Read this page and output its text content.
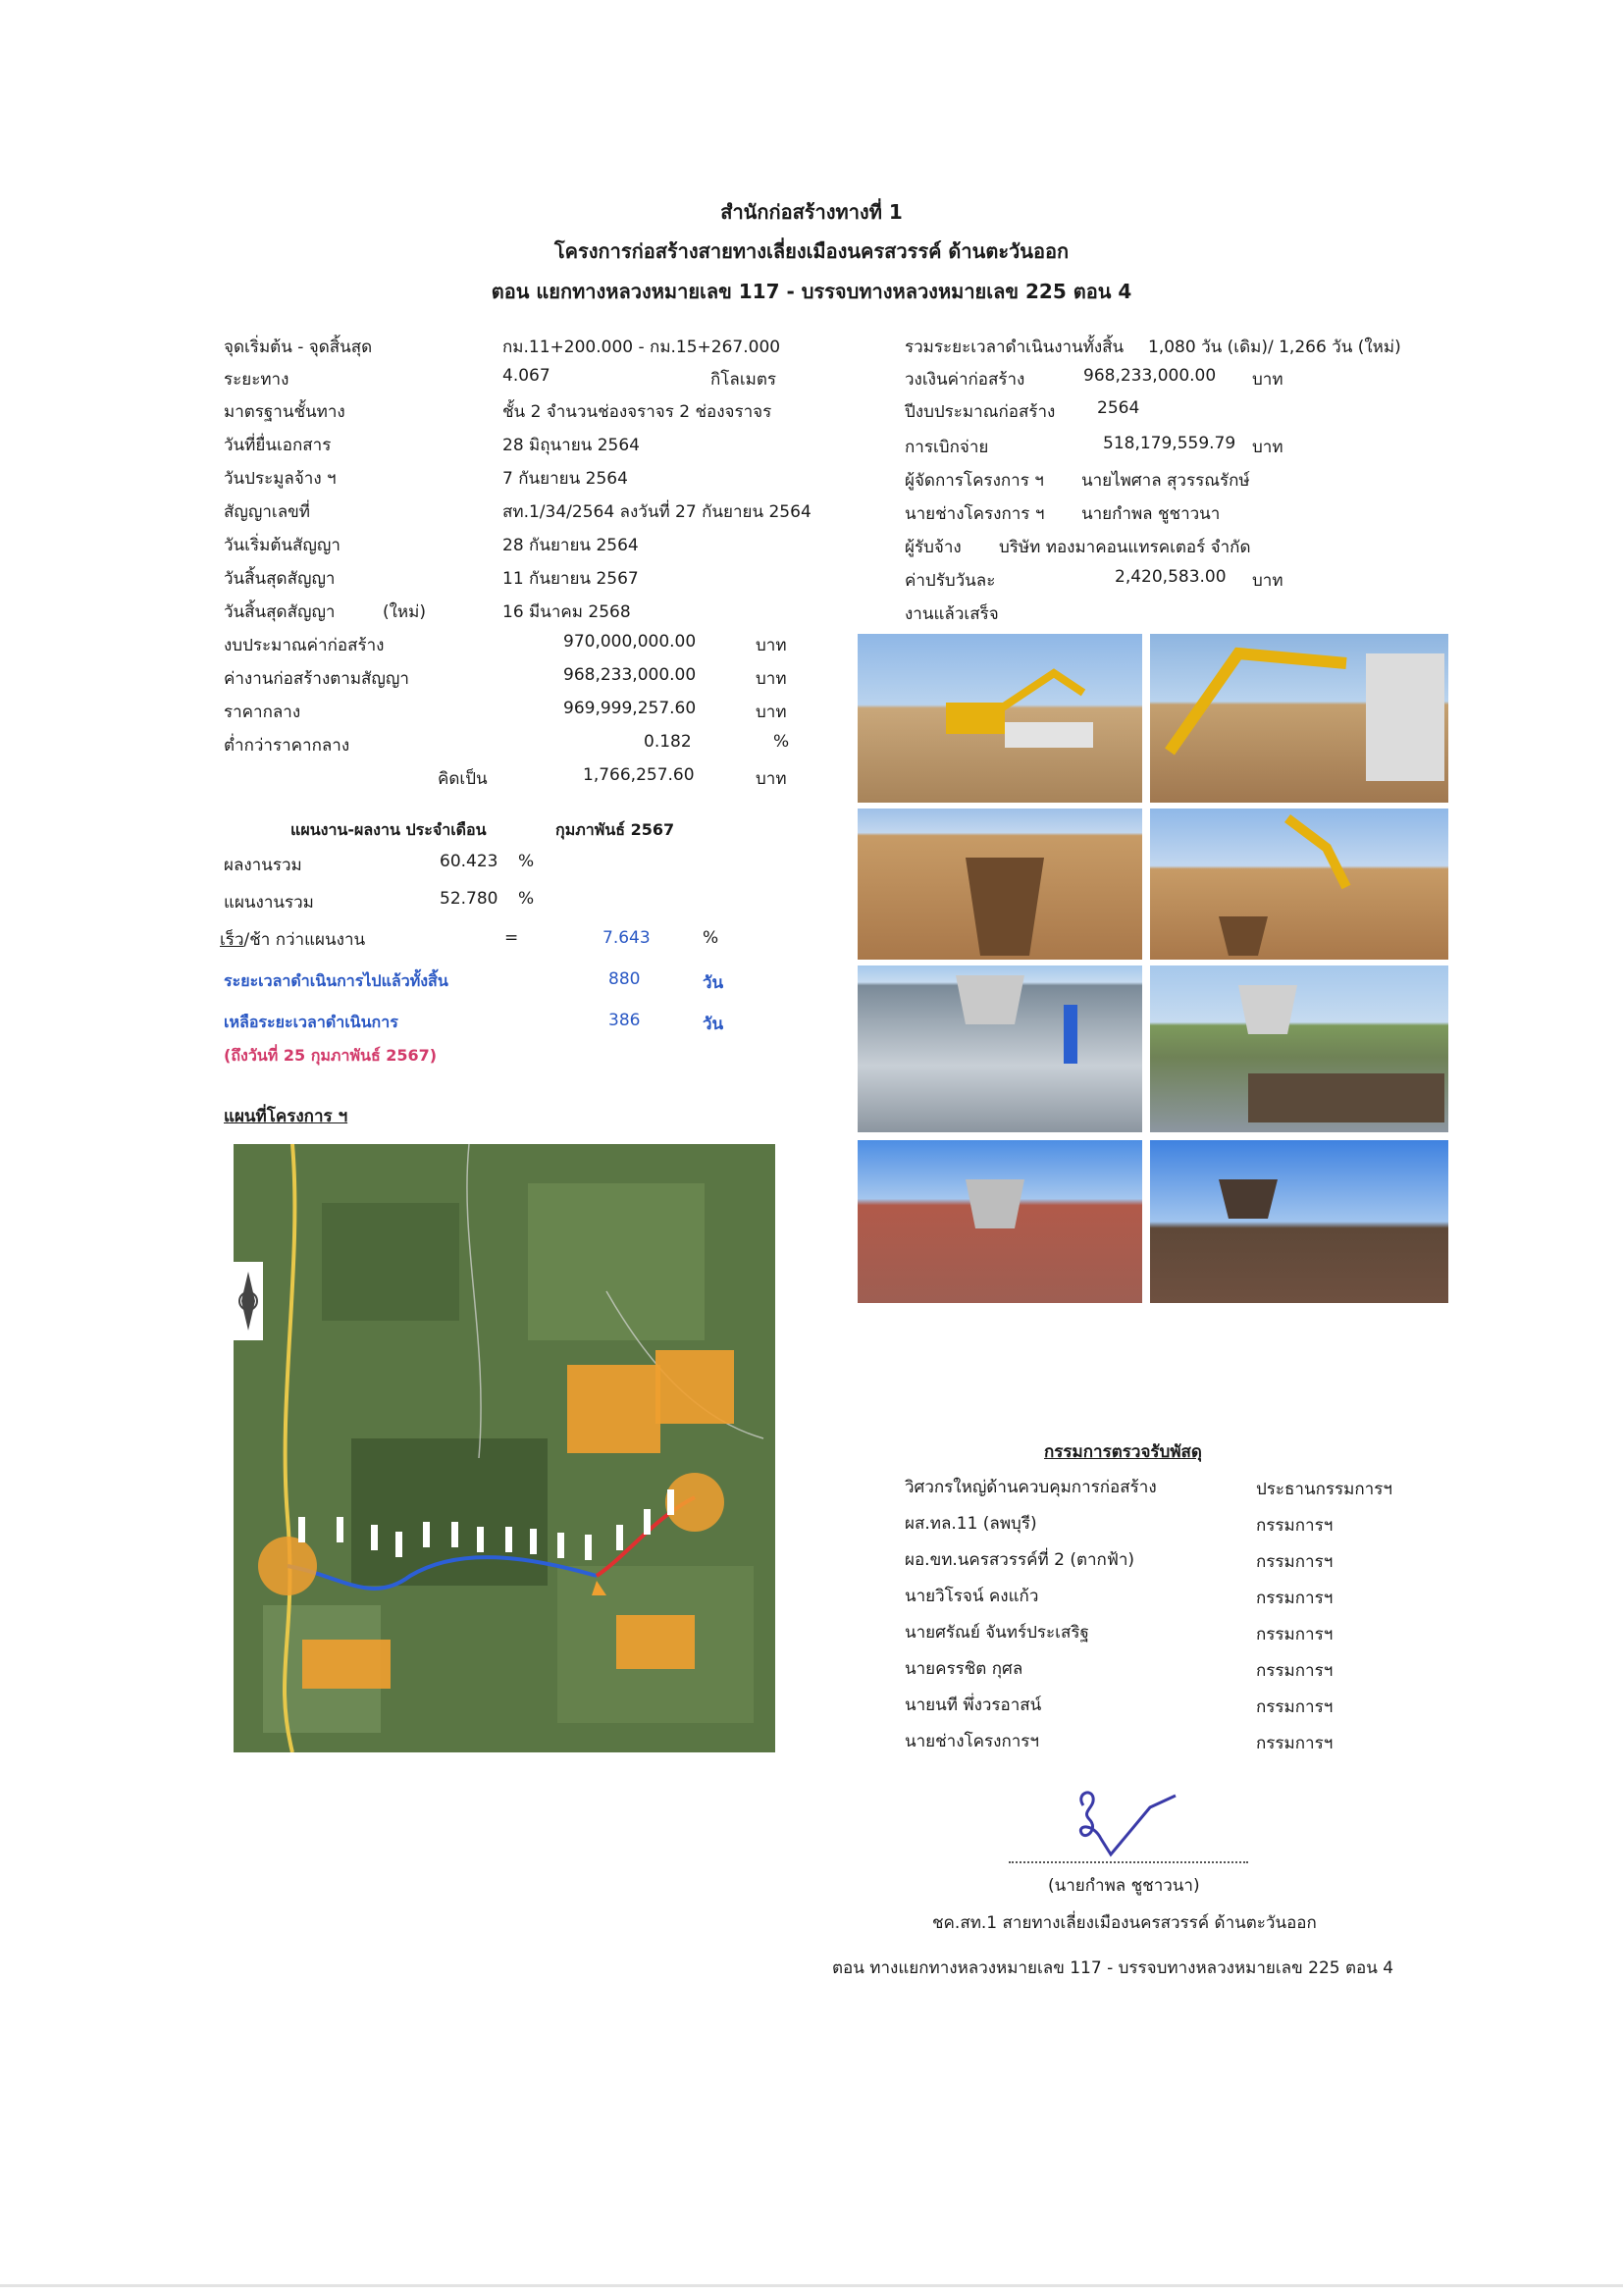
สำนักก่อสร้างทางที่ 1
โครงการก่อสร้างสายทางเลี่ยงเมืองนครสวรรค์ ด้านตะวันออก
ตอน แยกทางหลวงหมายเลข 117 - บรรจบทางหลวงหมายเลข 225 ตอน 4
จุดเริ่มต้น - จุดสิ้นสุด	กม.11+200.000 - กม.15+267.000
ระยะทาง	4.067	กิโลเมตร
มาตรฐานชั้นทาง	ชั้น 2 จำนวนช่องจราจร 2 ช่องจราจร
วันที่ยื่นเอกสาร	28 มิถุนายน 2564
วันประมูลจ้าง ฯ	7 กันยายน 2564
สัญญาเลขที่	สท.1/34/2564 ลงวันที่ 27 กันยายน 2564
วันเริ่มต้นสัญญา	28 กันยายน 2564
วันสิ้นสุดสัญญา	11 กันยายน 2567
วันสิ้นสุดสัญญา	(ใหม่)	16 มีนาคม 2568
งบประมาณค่าก่อสร้าง	970,000,000.00	บาท
ค่างานก่อสร้างตามสัญญา	968,233,000.00	บาท
ราคากลาง	969,999,257.60	บาท
ต่ำกว่าราคากลาง	0.182	%
คิดเป็น	1,766,257.60	บาท
รวมระยะเวลาดำเนินงานทั้งสิ้น 1,080 วัน (เดิม)/ 1,266 วัน (ใหม่)
วงเงินค่าก่อสร้าง	968,233,000.00 บาท
ปีงบประมาณก่อสร้าง	2564
การเบิกจ่าย	518,179,559.79 บาท
ผู้จัดการโครงการ ฯ นายไพศาล สุวรรณรักษ์
นายช่างโครงการ ฯ นายกำพล ชูชาวนา
ผู้รับจ้าง บริษัท ทองมาคอนแทรคเตอร์ จำกัด
ค่าปรับวันละ	2,420,583.00 บาท
งานแล้วเสร็จ
แผนงาน-ผลงาน ประจำเดือน	กุมภาพันธ์ 2567
ผลงานรวม	60.423 %
แผนงานรวม	52.780 %
เร็ว/ช้า กว่าแผนงาน	=	7.643	%
ระยะเวลาดำเนินการไปแล้วทั้งสิ้น	880	วัน
เหลือระยะเวลาดำเนินการ	386	วัน
(ถึงวันที่ 25 กุมภาพันธ์ 2567)
แผนที่โครงการ ฯ
กรรมการตรวจรับพัสดุ
วิศวกรใหญ่ด้านควบคุมการก่อสร้าง	ประธานกรรมการฯ
ผส.ทล.11 (ลพบุรี)	กรรมการฯ
ผอ.ขท.นครสวรรค์ที่ 2 (ตากฟ้า)	กรรมการฯ
นายวิโรจน์ คงแก้ว	กรรมการฯ
นายศรัณย์ จันทร์ประเสริฐ	กรรมการฯ
นายครรชิต กุศล	กรรมการฯ
นายนที พึ่งวรอาสน์	กรรมการฯ
นายช่างโครงการฯ	กรรมการฯ
(นายกำพล ชูชาวนา)
ชค.สท.1 สายทางเลี่ยงเมืองนครสวรรค์ ด้านตะวันออก
ตอน ทางแยกทางหลวงหมายเลข 117 - บรรจบทางหลวงหมายเลข 225 ตอน 4
